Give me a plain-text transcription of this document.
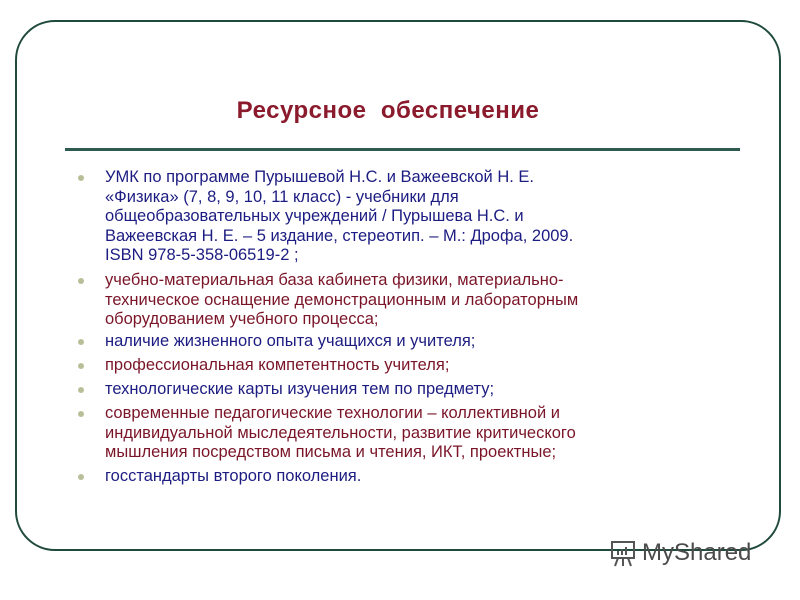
Ресурсное  обеспечение
УМК по программе Пурышевой Н.С. и Важеевской Н. Е.
«Физика» (7, 8, 9, 10, 11 класс) - учебники для
общеобразовательных учреждений / Пурышева Н.С. и
Важеевская Н. Е. – 5 издание, стереотип. – М.: Дрофа, 2009.
ISBN 978-5-358-06519-2 ;
учебно-материальная база кабинета физики, материально-
техническое оснащение демонстрационным и лабораторным
оборудованием учебного процесса;
наличие жизненного опыта учащихся и учителя;
профессиональная компетентность учителя;
технологические карты изучения тем по предмету;
современные педагогические технологии – коллективной и
индивидуальной мыследеятельности, развитие критического
мышления посредством письма и чтения, ИКТ, проектные;
госстандарты второго поколения.
MyShared
